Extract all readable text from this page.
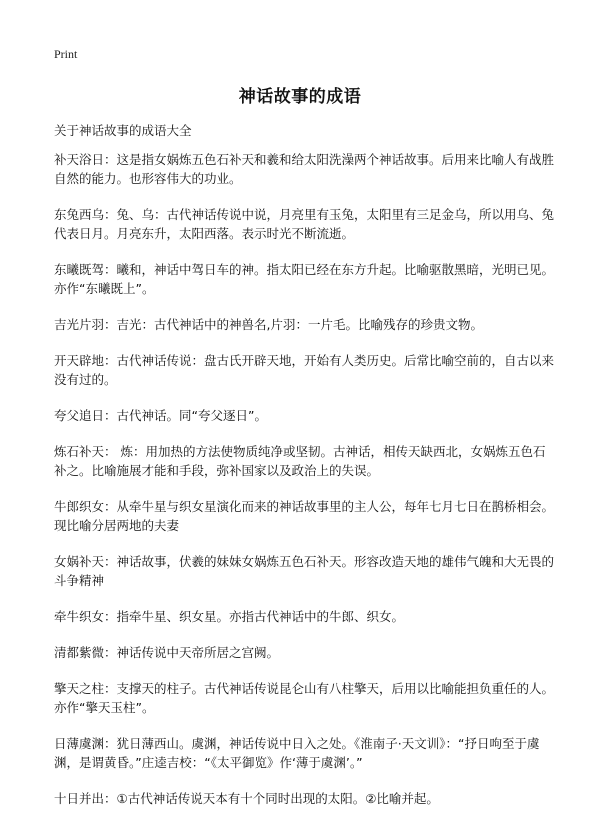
Print
神话故事的成语

关于神话故事的成语大全

补天浴日：这是指女娲炼五色石补天和羲和给太阳洗澡两个神话故事。后用来比喻人有战胜自然的能力。也形容伟大的功业。

东兔西乌：兔、乌：古代神话传说中说，月亮里有玉兔，太阳里有三足金乌，所以用乌、兔代表日月。月亮东升，太阳西落。表示时光不断流逝。

东曦既驾：曦和，神话中驾日车的神。指太阳已经在东方升起。比喻驱散黑暗，光明已见。亦作“东曦既上”。

吉光片羽：吉光：古代神话中的神兽名,片羽：一片毛。比喻残存的珍贵文物。

开天辟地：古代神话传说：盘古氏开辟天地，开始有人类历史。后常比喻空前的，自古以来没有过的。

夸父追日：古代神话。同“夸父逐日”。

炼石补天： 炼：用加热的方法使物质纯净或坚韧。古神话，相传天缺西北，女娲炼五色石补之。比喻施展才能和手段，弥补国家以及政治上的失误。

牛郎织女：从牵牛星与织女星演化而来的神话故事里的主人公，每年七月七日在鹊桥相会。现比喻分居两地的夫妻

女娲补天：神话故事，伏羲的妹妹女娲炼五色石补天。形容改造天地的雄伟气魄和大无畏的斗争精神

牵牛织女：指牵牛星、织女星。亦指古代神话中的牛郎、织女。

清都紫微：神话传说中天帝所居之宫阙。

擎天之柱：支撑天的柱子。古代神话传说昆仑山有八柱擎天，后用以比喻能担负重任的人。亦作“擎天玉柱”。

日薄虞渊：犹日薄西山。虞渊，神话传说中日入之处。《淮南子·天文训》：“抒日呴至于虞渊，是谓黄昏。”庄逵吉校：“《太平御览》作‘薄于虞渊’。”

十日并出：①古代神话传说天本有十个同时出现的太阳。②比喻并起。
